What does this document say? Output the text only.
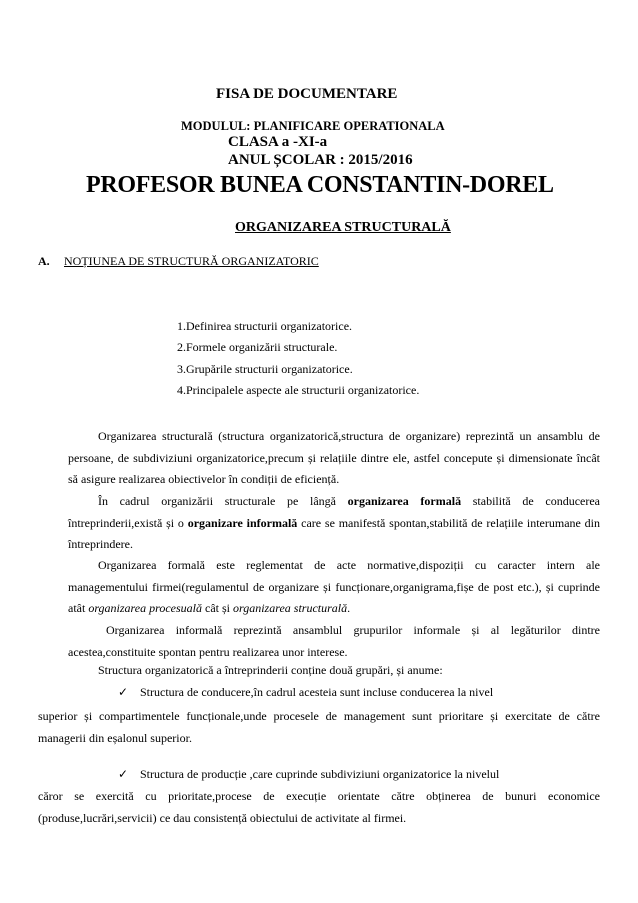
FISA DE DOCUMENTARE
MODULUL: PLANIFICARE OPERATIONALA
CLASA a -XI-a
ANUL ȘCOLAR : 2015/2016
PROFESOR BUNEA CONSTANTIN-DOREL
ORGANIZAREA STRUCTURALĂ
A. NOȚIUNEA DE STRUCTURĂ ORGANIZATORIC
1.Definirea structurii organizatorice.
2.Formele organizării structurale.
3.Grupările structurii organizatorice.
4.Principalele aspecte ale structurii organizatorice.
Organizarea structurală (structura organizatorică,structura de organizare) reprezintă un ansamblu de persoane, de subdiviziuni organizatorice,precum și relațiile dintre ele, astfel concepute și dimensionate încât să asigure realizarea obiectivelor în condiții de eficiență.
În cadrul organizării structurale pe lângă organizarea formală stabilită de conducerea întreprinderii,există și o organizare informală care se manifestă spontan,stabilită de relațiile interumane din întreprindere.
Organizarea formală este reglementat de acte normative,dispoziții cu caracter intern ale managementului firmei(regulamentul de organizare și funcționare,organigrama,fișe de post etc.), și cuprinde atât organizarea procesuală cât și organizarea structurală.
Organizarea informală reprezintă ansamblul grupurilor informale și al legăturilor dintre acestea,constituite spontan pentru realizarea unor interese.
Structura organizatorică a întreprinderii conține două grupări, și anume:
✓ Structura de conducere,în cadrul acesteia sunt incluse conducerea la nivel
superior și compartimentele funcționale,unde procesele de management sunt prioritare și exercitate de către managerii din eșalonul superior.
✓ Structura de producție ,care cuprinde subdiviziuni organizatorice la nivelul
căror se exercită cu prioritate,procese de execuție orientate către obținerea de bunuri economice (produse,lucrări,servicii) ce dau consistență obiectului de activitate al firmei.
